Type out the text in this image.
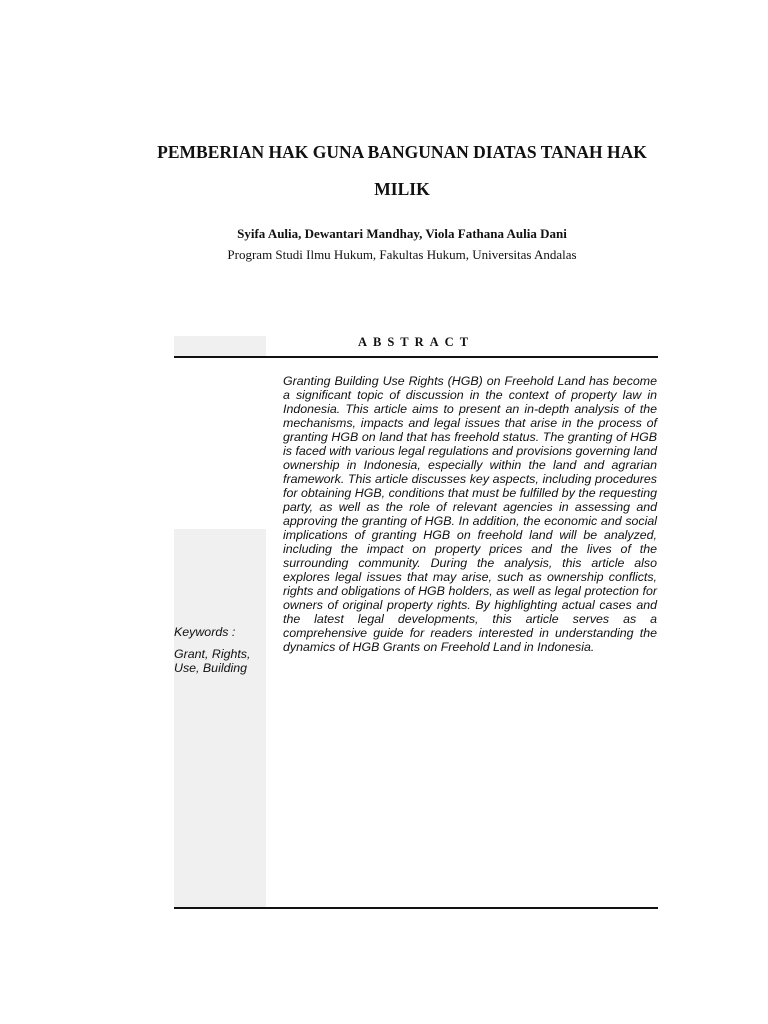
PEMBERIAN HAK GUNA BANGUNAN DIATAS TANAH HAK MILIK
Syifa Aulia, Dewantari Mandhay, Viola Fathana Aulia Dani
Program Studi Ilmu Hukum, Fakultas Hukum, Universitas Andalas
ABSTRACT

Granting Building Use Rights (HGB) on Freehold Land has become a significant topic of discussion in the context of property law in Indonesia. This article aims to present an in-depth analysis of the mechanisms, impacts and legal issues that arise in the process of granting HGB on land that has freehold status. The granting of HGB is faced with various legal regulations and provisions governing land ownership in Indonesia, especially within the land and agrarian framework. This article discusses key aspects, including procedures for obtaining HGB, conditions that must be fulfilled by the requesting party, as well as the role of relevant agencies in assessing and approving the granting of HGB. In addition, the economic and social implications of granting HGB on freehold land will be analyzed, including the impact on property prices and the lives of the surrounding community. During the analysis, this article also explores legal issues that may arise, such as ownership conflicts, rights and obligations of HGB holders, as well as legal protection for owners of original property rights. By highlighting actual cases and the latest legal developments, this article serves as a comprehensive guide for readers interested in understanding the dynamics of HGB Grants on Freehold Land in Indonesia.

Keywords :
Grant, Rights, Use, Building
